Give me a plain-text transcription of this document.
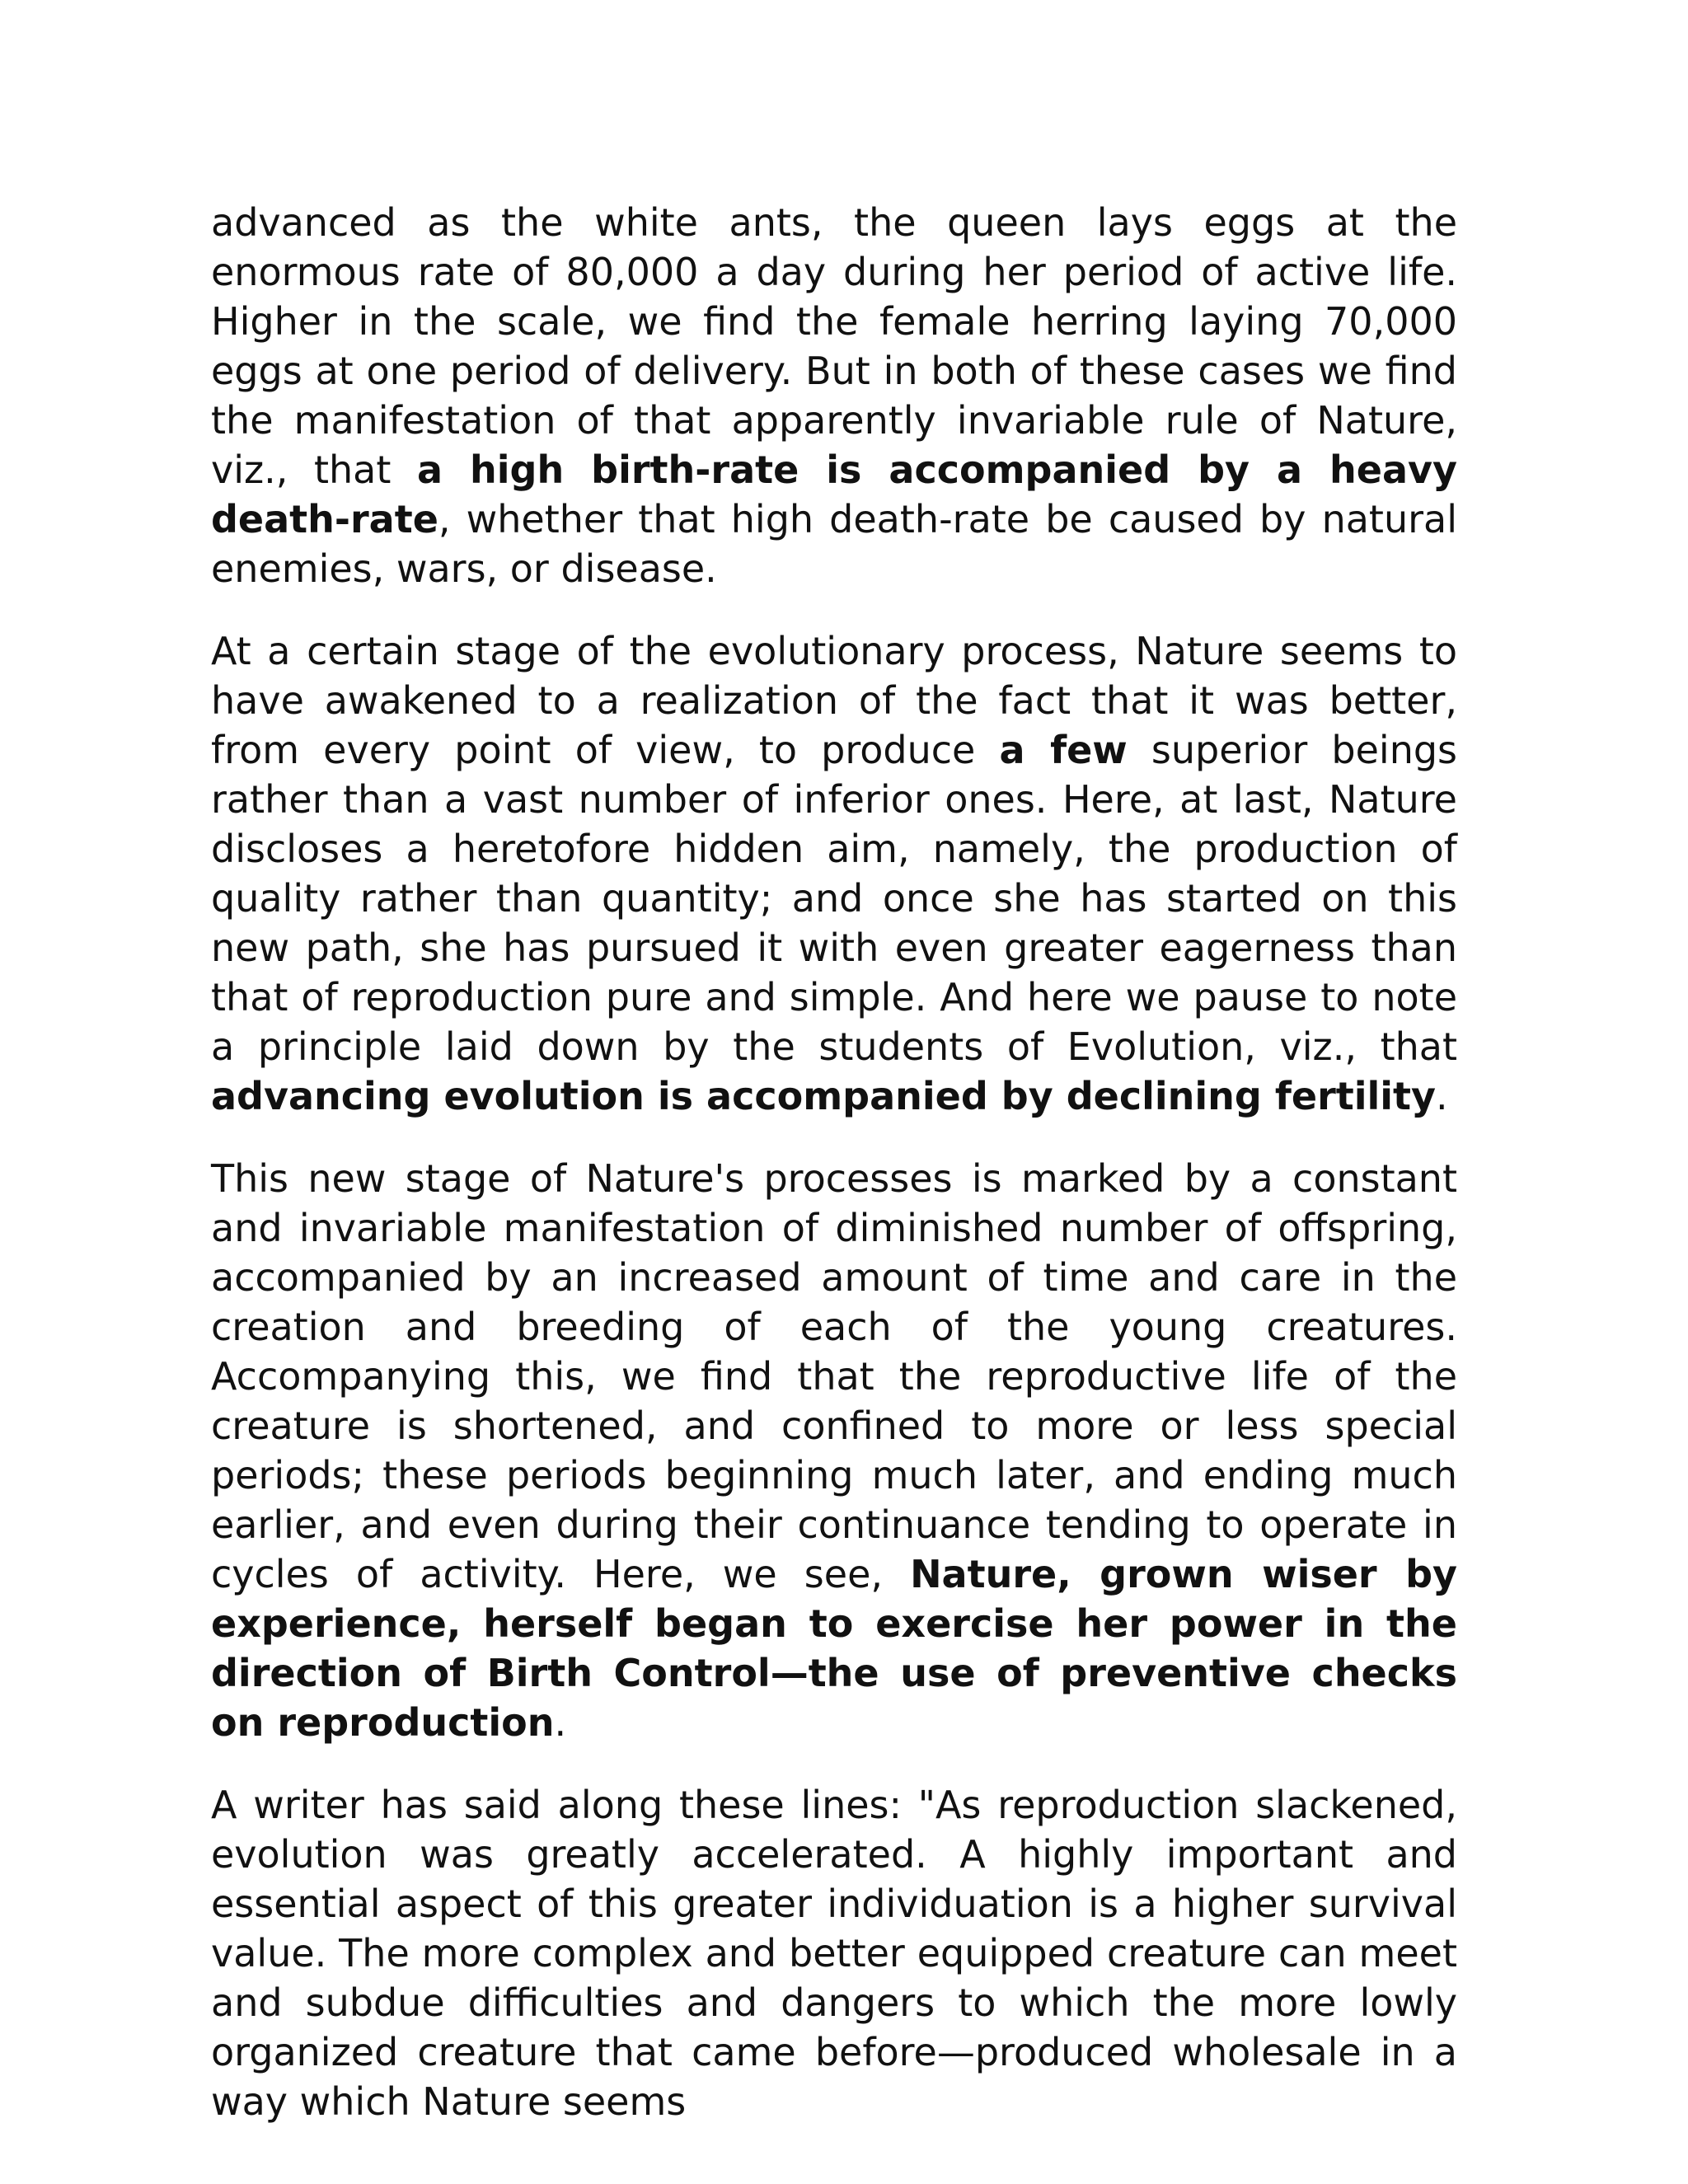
advanced as the white ants, the queen lays eggs at the enormous rate of 80,000 a day during her period of active life. Higher in the scale, we find the female herring laying 70,000 eggs at one period of delivery. But in both of these cases we find the manifestation of that apparently invariable rule of Nature, viz., that a high birth-rate is accompanied by a heavy death-rate, whether that high death-rate be caused by natural enemies, wars, or disease.

At a certain stage of the evolutionary process, Nature seems to have awakened to a realization of the fact that it was better, from every point of view, to produce a few superior beings rather than a vast number of inferior ones. Here, at last, Nature discloses a heretofore hidden aim, namely, the production of quality rather than quantity; and once she has started on this new path, she has pursued it with even greater eagerness than that of reproduction pure and simple. And here we pause to note a principle laid down by the students of Evolution, viz., that advancing evolution is accompanied by declining fertility.

This new stage of Nature's processes is marked by a constant and invariable manifestation of diminished number of offspring, accompanied by an increased amount of time and care in the creation and breeding of each of the young creatures. Accompanying this, we find that the reproductive life of the creature is shortened, and confined to more or less special periods; these periods beginning much later, and ending much earlier, and even during their continuance tending to operate in cycles of activity. Here, we see, Nature, grown wiser by experience, herself began to exercise her power in the direction of Birth Control—the use of preventive checks on reproduction.

A writer has said along these lines: "As reproduction slackened, evolution was greatly accelerated. A highly important and essential aspect of this greater individuation is a higher survival value. The more complex and better equipped creature can meet and subdue difficulties and dangers to which the more lowly organized creature that came before—produced wholesale in a way which Nature seems
